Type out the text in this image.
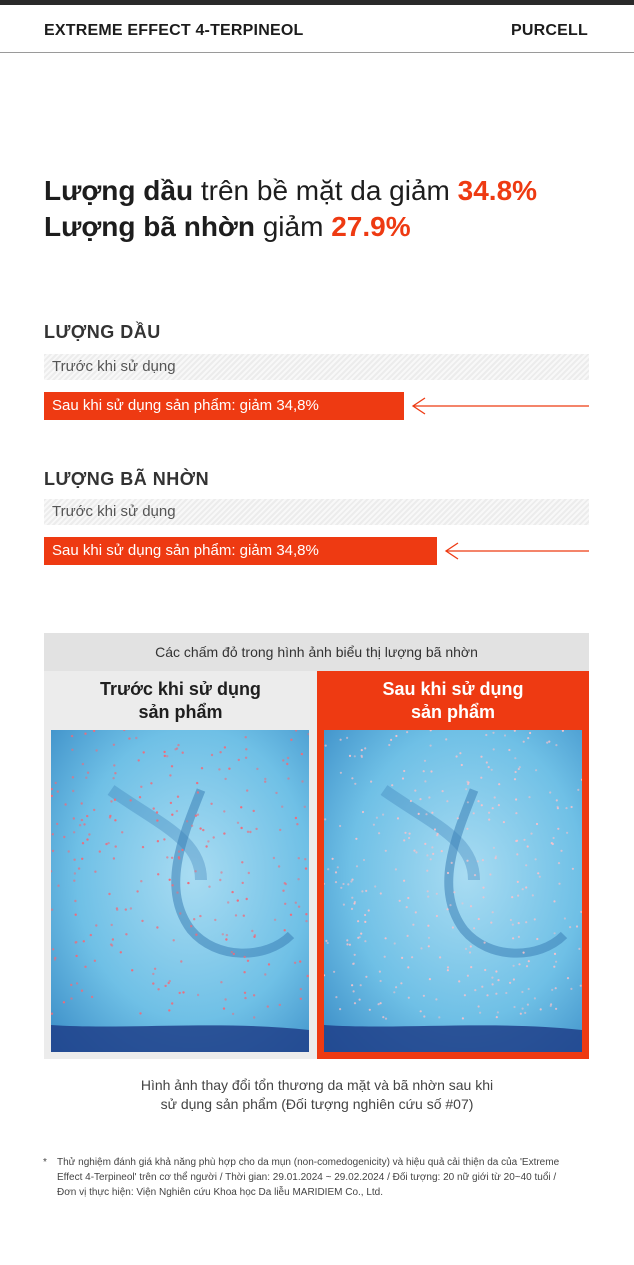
EXTREME EFFECT 4-TERPINEOL	PURCELL
Lượng dầu trên bề mặt da giảm 34.8%
Lượng bã nhờn giảm 27.9%
LƯỢNG DẦU
Trước khi sử dụng
Sau khi sử dụng sản phẩm: giảm 34,8%
LƯỢNG BÃ NHỜN
Trước khi sử dụng
Sau khi sử dụng sản phẩm: giảm 34,8%
Các chấm đỏ trong hình ảnh biểu thị lượng bã nhờn
Trước khi sử dụng
sản phẩm
Sau khi sử dụng
sản phẩm
Hình ảnh thay đổi tổn thương da mặt và bã nhờn sau khi
sử dụng sản phẩm (Đối tượng nghiên cứu số #07)
* Thử nghiệm đánh giá khả năng phù hợp cho da mụn (non-comedogenicity) và hiệu quả cải thiện da của 'Extreme Effect 4-Terpineol' trên cơ thể người / Thời gian: 29.01.2024 ~ 29.02.2024 / Đối tượng: 20 nữ giới từ 20~40 tuổi / Đơn vị thực hiện: Viện Nghiên cứu Khoa học Da liễu MARIDIEM Co., Ltd.
